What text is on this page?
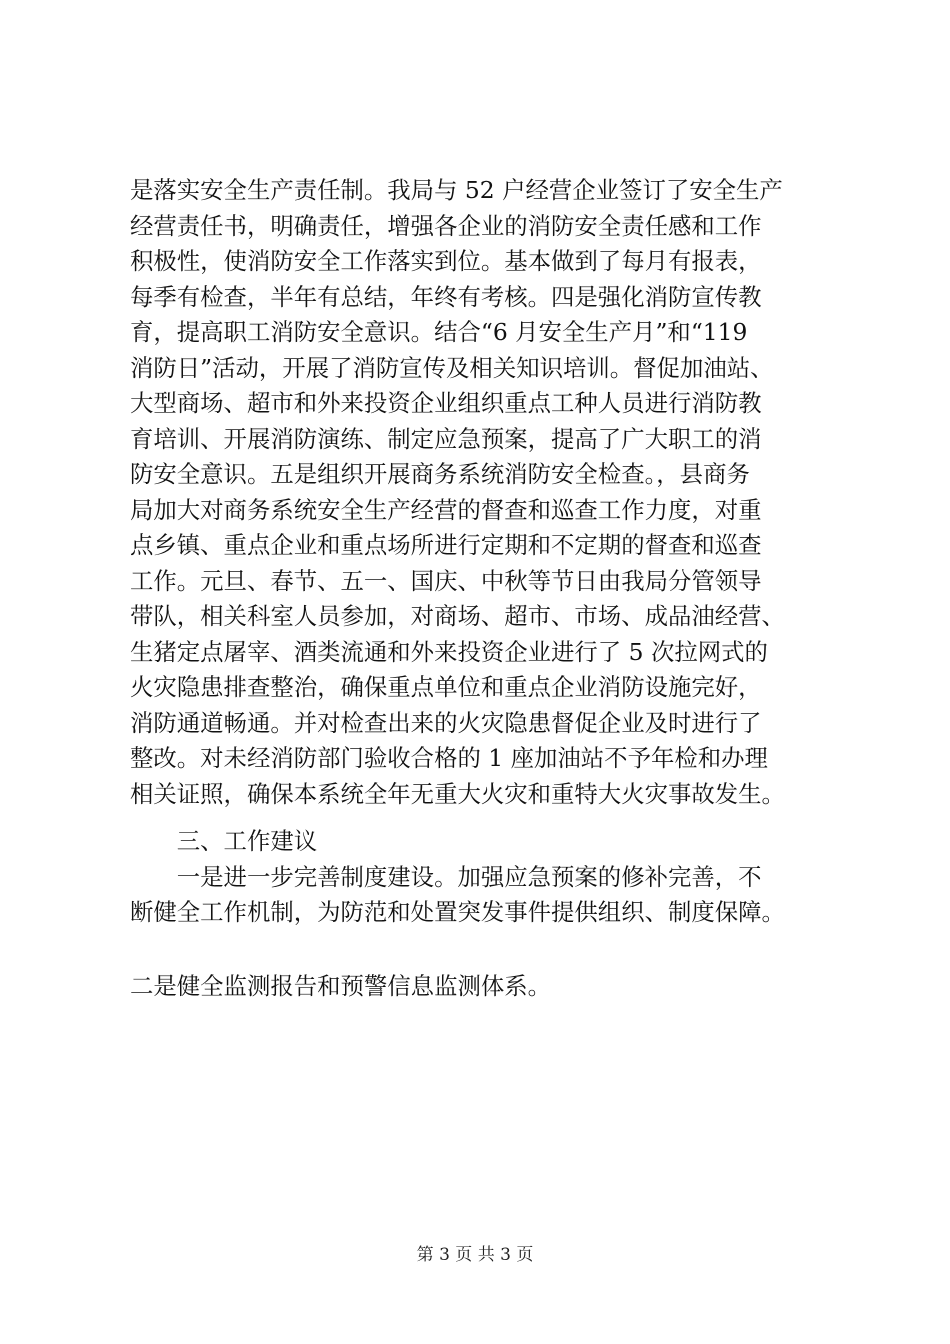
是落实安全生产责任制。我局与 52 户经营企业签订了安全生产

经营责任书，明确责任，增强各企业的消防安全责任感和工作

积极性，使消防安全工作落实到位。基本做到了每月有报表，

每季有检查，半年有总结，年终有考核。四是强化消防宣传教

育，提高职工消防安全意识。结合“6 月安全生产月”和“119

消防日”活动，开展了消防宣传及相关知识培训。督促加油站、

大型商场、超市和外来投资企业组织重点工种人员进行消防教

育培训、开展消防演练、制定应急预案，提高了广大职工的消

防安全意识。五是组织开展商务系统消防安全检查。，县商务

局加大对商务系统安全生产经营的督查和巡查工作力度，对重

点乡镇、重点企业和重点场所进行定期和不定期的督查和巡查

工作。元旦、春节、五一、国庆、中秋等节日由我局分管领导

带队，相关科室人员参加，对商场、超市、市场、成品油经营、

生猪定点屠宰、酒类流通和外来投资企业进行了 5 次拉网式的

火灾隐患排查整治，确保重点单位和重点企业消防设施完好，

消防通道畅通。并对检查出来的火灾隐患督促企业及时进行了

整改。对未经消防部门验收合格的 1 座加油站不予年检和办理

相关证照，确保本系统全年无重大火灾和重特大火灾事故发生。

　　三、工作建议

　　一是进一步完善制度建设。加强应急预案的修补完善，不

断健全工作机制，为防范和处置突发事件提供组织、制度保障。

二是健全监测报告和预警信息监测体系。

第 3 页 共 3 页
